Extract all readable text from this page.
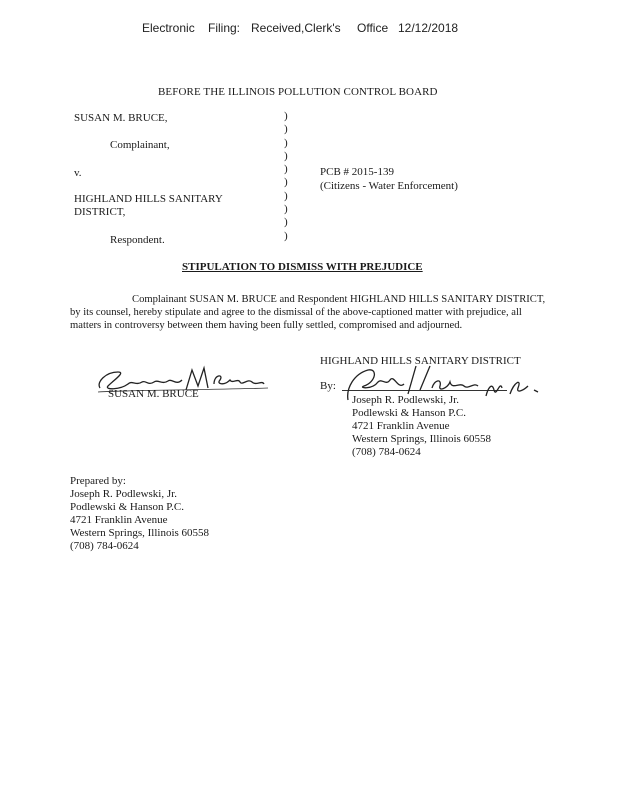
Electronic Filing: Received,Clerk's Office 12/12/2018
BEFORE THE ILLINOIS POLLUTION CONTROL BOARD
SUSAN M. BRUCE,
Complainant,
v.
HIGHLAND HILLS SANITARY
DISTRICT,
Respondent.
)
)
)
)
)
)
)
)
)
)
PCB # 2015-139
(Citizens - Water Enforcement)
STIPULATION TO DISMISS WITH PREJUDICE
Complainant SUSAN M. BRUCE and Respondent HIGHLAND HILLS SANITARY DISTRICT, by its counsel, hereby stipulate and agree to the dismissal of the above-captioned matter with prejudice, all matters in controversy between them having been fully settled, compromised and adjourned.
SUSAN M. BRUCE
HIGHLAND HILLS SANITARY DISTRICT
By:
Joseph R. Podlewski, Jr.
Podlewski & Hanson P.C.
4721 Franklin Avenue
Western Springs, Illinois 60558
(708) 784-0624
Prepared by:
Joseph R. Podlewski, Jr.
Podlewski & Hanson P.C.
4721 Franklin Avenue
Western Springs, Illinois 60558
(708) 784-0624
